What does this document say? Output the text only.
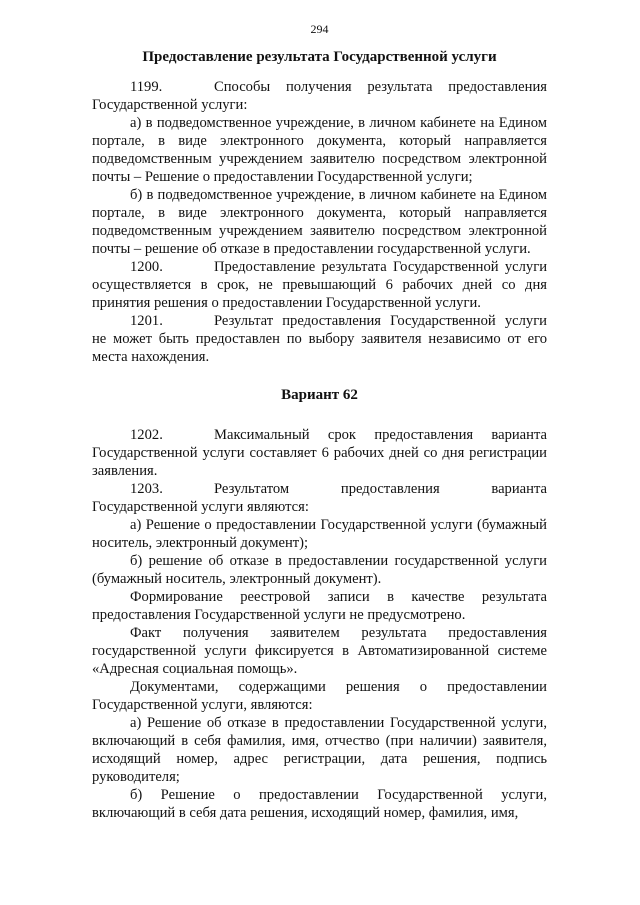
294
Предоставление результата Государственной услуги

1199.	Способы получения результата предоставления Государственной услуги:

а) в подведомственное учреждение, в личном кабинете на Едином портале, в виде электронного документа, который направляется подведомственным учреждением заявителю посредством электронной почты – Решение о предоставлении Государственной услуги;

б) в подведомственное учреждение, в личном кабинете на Едином портале, в виде электронного документа, который направляется подведомственным учреждением заявителю посредством электронной почты – решение об отказе в предоставлении государственной услуги.

1200.	Предоставление результата Государственной услуги осуществляется в срок, не превышающий 6 рабочих дней со дня принятия решения о предоставлении Государственной услуги.

1201.	Результат предоставления Государственной услуги не может быть предоставлен по выбору заявителя независимо от его места нахождения.

Вариант 62

1202.	Максимальный срок предоставления варианта Государственной услуги составляет 6 рабочих дней со дня регистрации заявления.

1203.	Результатом предоставления варианта Государственной услуги являются:

а) Решение о предоставлении Государственной услуги (бумажный носитель, электронный документ);

б) решение об отказе в предоставлении государственной услуги (бумажный носитель, электронный документ).

Формирование реестровой записи в качестве результата предоставления Государственной услуги не предусмотрено.

Факт получения заявителем результата предоставления государственной услуги фиксируется в Автоматизированной системе «Адресная социальная помощь».

Документами, содержащими решения о предоставлении Государственной услуги, являются:

а) Решение об отказе в предоставлении Государственной услуги, включающий в себя фамилия, имя, отчество (при наличии) заявителя, исходящий номер, адрес регистрации, дата решения, подпись руководителя;

б) Решение о предоставлении Государственной услуги, включающий в себя дата решения, исходящий номер, фамилия, имя,
